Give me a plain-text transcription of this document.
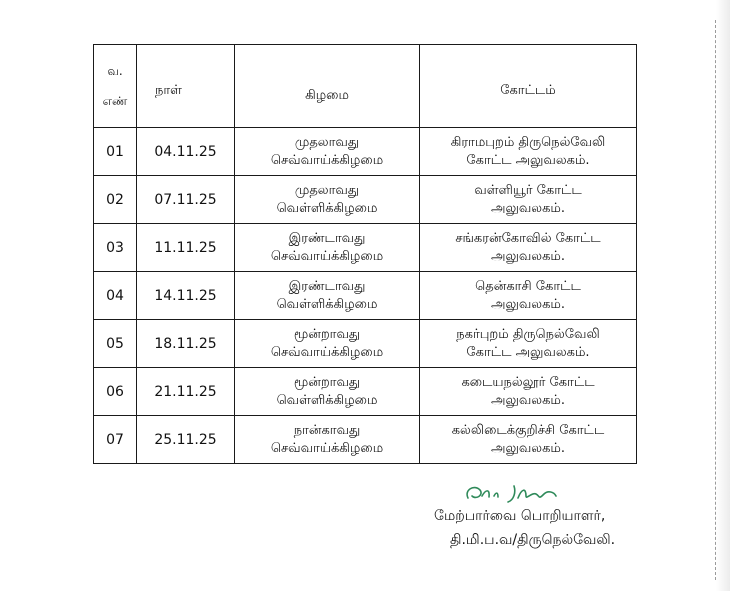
வ.
எண்	நாள்	கிழமை	கோட்டம்
01	04.11.25	முதலாவது
செவ்வாய்க்கிழமை	கிராமபுறம் திருநெல்வேலி
கோட்ட அலுவலகம்.

02	07.11.25	முதலாவது
வெள்ளிக்கிழமை	வள்ளியூர் கோட்ட
அலுவலகம்.

03	11.11.25	இரண்டாவது
செவ்வாய்க்கிழமை	சங்கரன்கோவில் கோட்ட
அலுவலகம்.

04	14.11.25	இரண்டாவது
வெள்ளிக்கிழமை	தென்காசி கோட்ட
அலுவலகம்.

05	18.11.25	மூன்றாவது
செவ்வாய்க்கிழமை	நகர்புறம் திருநெல்வேலி
கோட்ட அலுவலகம்.

06	21.11.25	மூன்றாவது
வெள்ளிக்கிழமை	கடையநல்லூர் கோட்ட
அலுவலகம்.

07	25.11.25	நான்காவது
செவ்வாய்க்கிழமை	கல்லிடைக்குறிச்சி கோட்ட
அலுவலகம்.
மேற்பார்வை பொறியாளர்,
தி.மி.ப.வ/திருநெல்வேலி.
